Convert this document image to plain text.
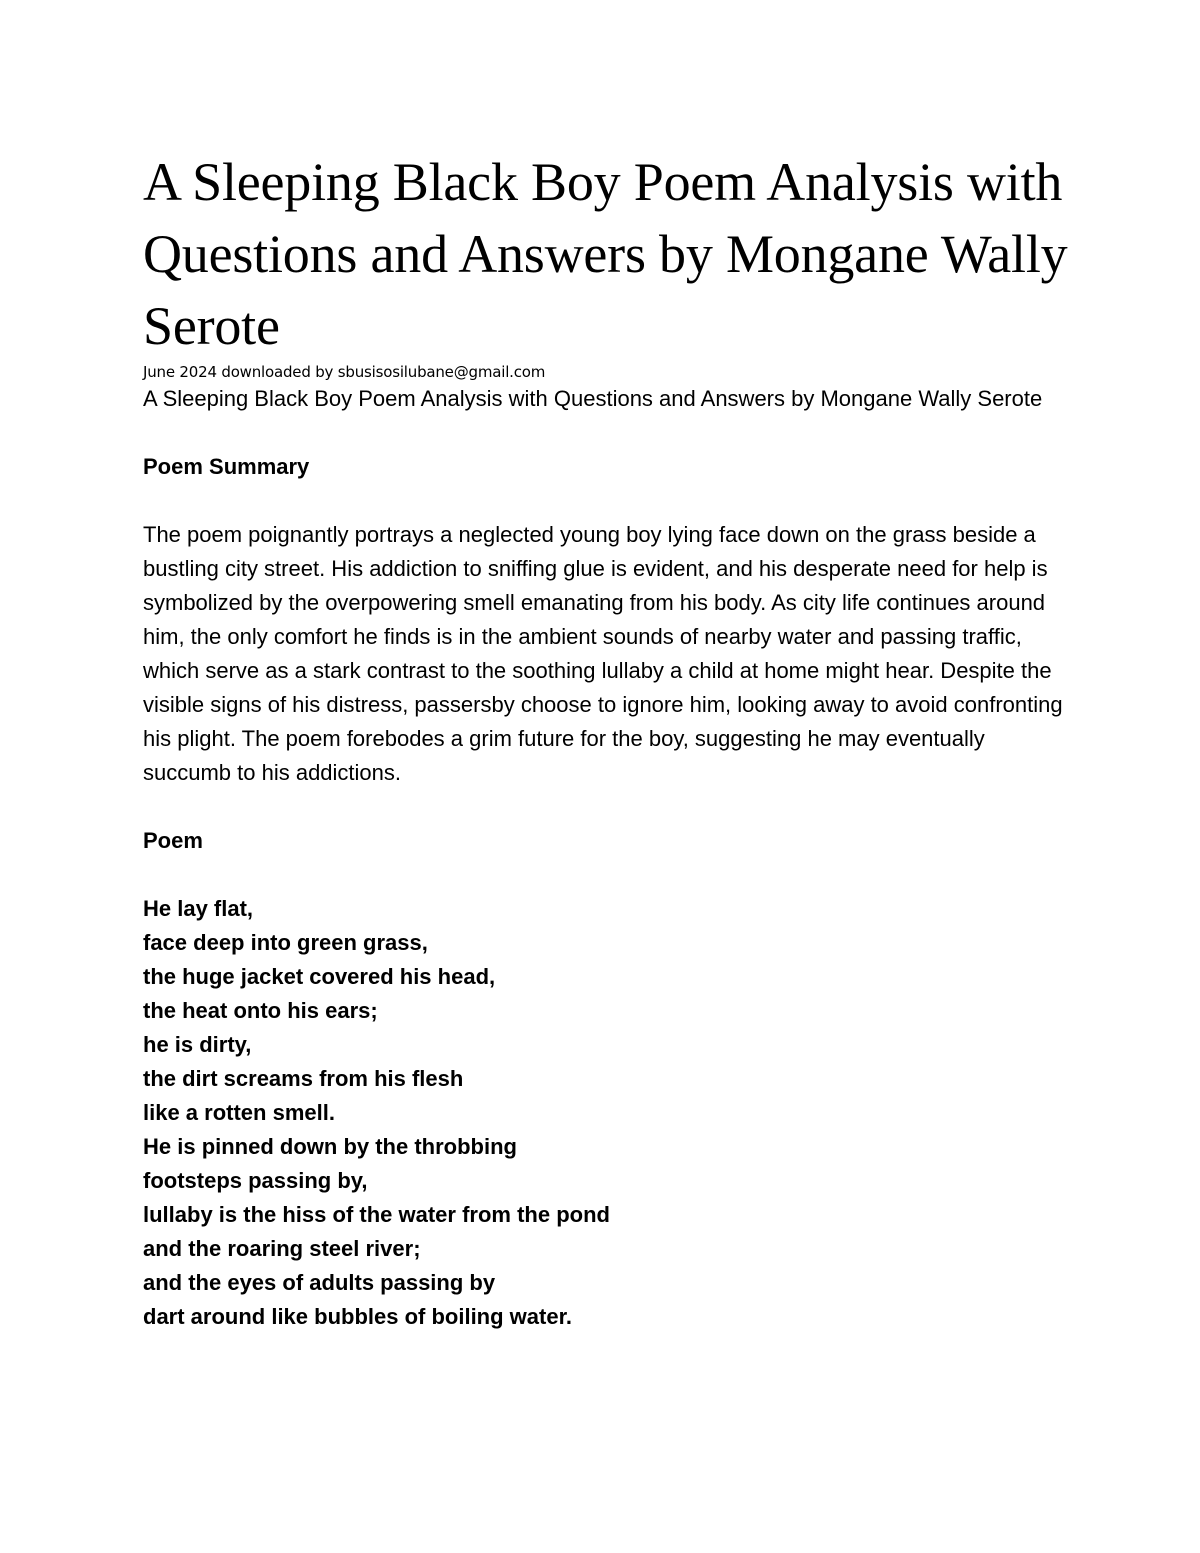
A Sleeping Black Boy Poem Analysis with Questions and Answers by Mongane Wally Serote

June 2024 downloaded by sbusisosilubane@gmail.com

A Sleeping Black Boy Poem Analysis with Questions and Answers by Mongane Wally Serote

Poem Summary

The poem poignantly portrays a neglected young boy lying face down on the grass beside a bustling city street. His addiction to sniffing glue is evident, and his desperate need for help is symbolized by the overpowering smell emanating from his body. As city life continues around him, the only comfort he finds is in the ambient sounds of nearby water and passing traffic, which serve as a stark contrast to the soothing lullaby a child at home might hear. Despite the visible signs of his distress, passersby choose to ignore him, looking away to avoid confronting his plight. The poem forebodes a grim future for the boy, suggesting he may eventually succumb to his addictions.

Poem
He lay flat,
face deep into green grass,
the huge jacket covered his head,
the heat onto his ears;
he is dirty,
the dirt screams from his flesh
like a rotten smell.
He is pinned down by the throbbing
footsteps passing by,
lullaby is the hiss of the water from the pond
and the roaring steel river;
and the eyes of adults passing by
dart around like bubbles of boiling water.
